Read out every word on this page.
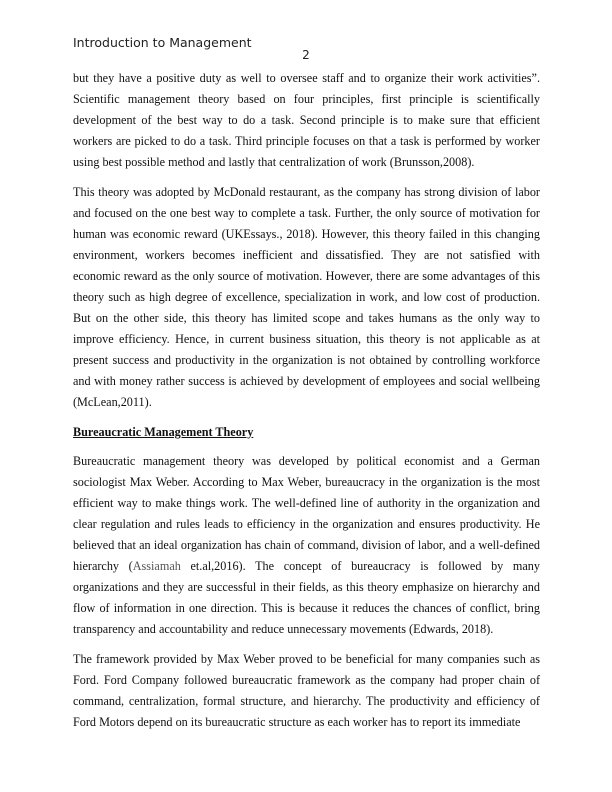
Introduction to Management
2

but they have a positive duty as well to oversee staff and to organize their work activities”. Scientific management theory based on four principles, first principle is scientifically development of the best way to do a task. Second principle is to make sure that efficient workers are picked to do a task. Third principle focuses on that a task is performed by worker using best possible method and lastly that centralization of work (Brunsson,2008).

This theory was adopted by McDonald restaurant, as the company has strong division of labor and focused on the one best way to complete a task. Further, the only source of motivation for human was economic reward (UKEssays., 2018). However, this theory failed in this changing environment, workers becomes inefficient and dissatisfied. They are not satisfied with economic reward as the only source of motivation. However, there are some advantages of this theory such as high degree of excellence, specialization in work, and low cost of production. But on the other side, this theory has limited scope and takes humans as the only way to improve efficiency. Hence, in current business situation, this theory is not applicable as at present success and productivity in the organization is not obtained by controlling workforce and with money rather success is achieved by development of employees and social wellbeing (McLean,2011).

Bureaucratic Management Theory

Bureaucratic management theory was developed by political economist and a German sociologist Max Weber. According to Max Weber, bureaucracy in the organization is the most efficient way to make things work. The well-defined line of authority in the organization and clear regulation and rules leads to efficiency in the organization and ensures productivity. He believed that an ideal organization has chain of command, division of labor, and a well-defined hierarchy (Assiamah et.al,2016). The concept of bureaucracy is followed by many organizations and they are successful in their fields, as this theory emphasize on hierarchy and flow of information in one direction. This is because it reduces the chances of conflict, bring transparency and accountability and reduce unnecessary movements (Edwards, 2018).

The framework provided by Max Weber proved to be beneficial for many companies such as Ford. Ford Company followed bureaucratic framework as the company had proper chain of command, centralization, formal structure, and hierarchy. The productivity and efficiency of Ford Motors depend on its bureaucratic structure as each worker has to report its immediate
